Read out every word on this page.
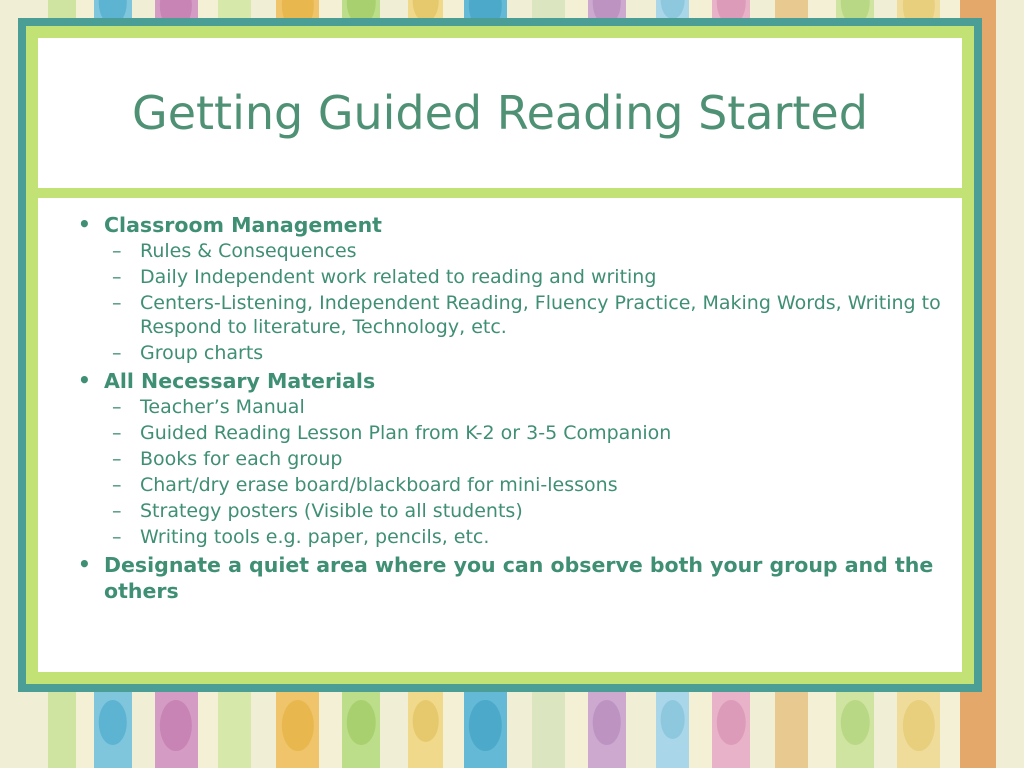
Getting Guided Reading Started
• Classroom Management
– Rules & Consequences
– Daily Independent work related to reading and writing
– Centers-Listening, Independent Reading, Fluency Practice, Making Words, Writing to Respond to literature, Technology, etc.
– Group charts
• All Necessary Materials
– Teacher’s Manual
– Guided Reading Lesson Plan from K-2 or 3-5 Companion
– Books for each group
– Chart/dry erase board/blackboard for mini-lessons
– Strategy posters (Visible to all students)
– Writing tools e.g. paper, pencils, etc.
• Designate a quiet area where you can observe both your group and the others
